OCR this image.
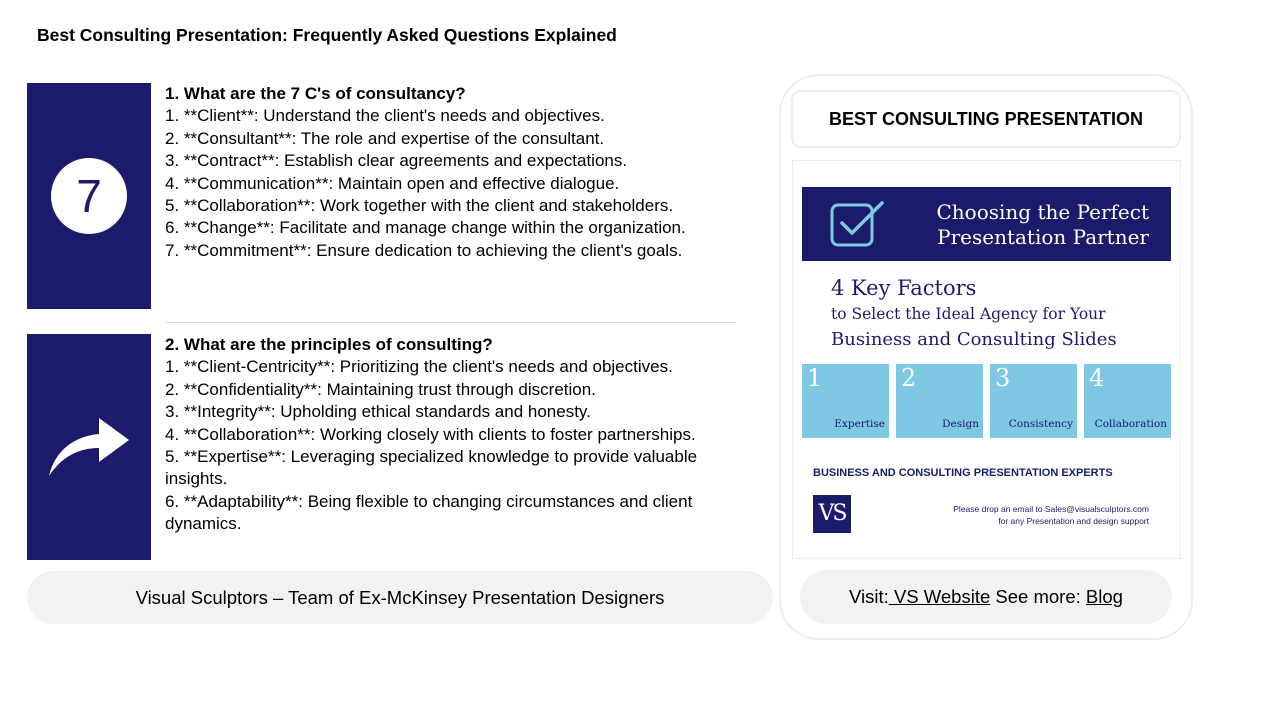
Best Consulting Presentation: Frequently Asked Questions Explained
7
1. What are the 7 C's of consultancy?
1. **Client**: Understand the client's needs and objectives.
2. **Consultant**: The role and expertise of the consultant.
3. **Contract**: Establish clear agreements and expectations.
4. **Communication**: Maintain open and effective dialogue.
5. **Collaboration**: Work together with the client and stakeholders.
6. **Change**: Facilitate and manage change within the organization.
7. **Commitment**: Ensure dedication to achieving the client's goals.
2. What are the principles of consulting?
1. **Client-Centricity**: Prioritizing the client's needs and objectives.
2. **Confidentiality**: Maintaining trust through discretion.
3. **Integrity**: Upholding ethical standards and honesty.
4. **Collaboration**: Working closely with clients to foster partnerships.
5. **Expertise**: Leveraging specialized knowledge to provide valuable insights.
6. **Adaptability**: Being flexible to changing circumstances and client dynamics.
Visual Sculptors – Team of Ex-McKinsey Presentation Designers
BEST CONSULTING PRESENTATION
Choosing the Perfect
Presentation Partner
4 Key Factors
to Select the Ideal Agency for Your
Business and Consulting Slides
1
Expertise
2
Design
3
Consistency
4
Collaboration
BUSINESS AND CONSULTING PRESENTATION EXPERTS
VS	Please drop an email to Sales@visualsculptors.com
for any Presentation and design support
Visit: VS Website See more: Blog
